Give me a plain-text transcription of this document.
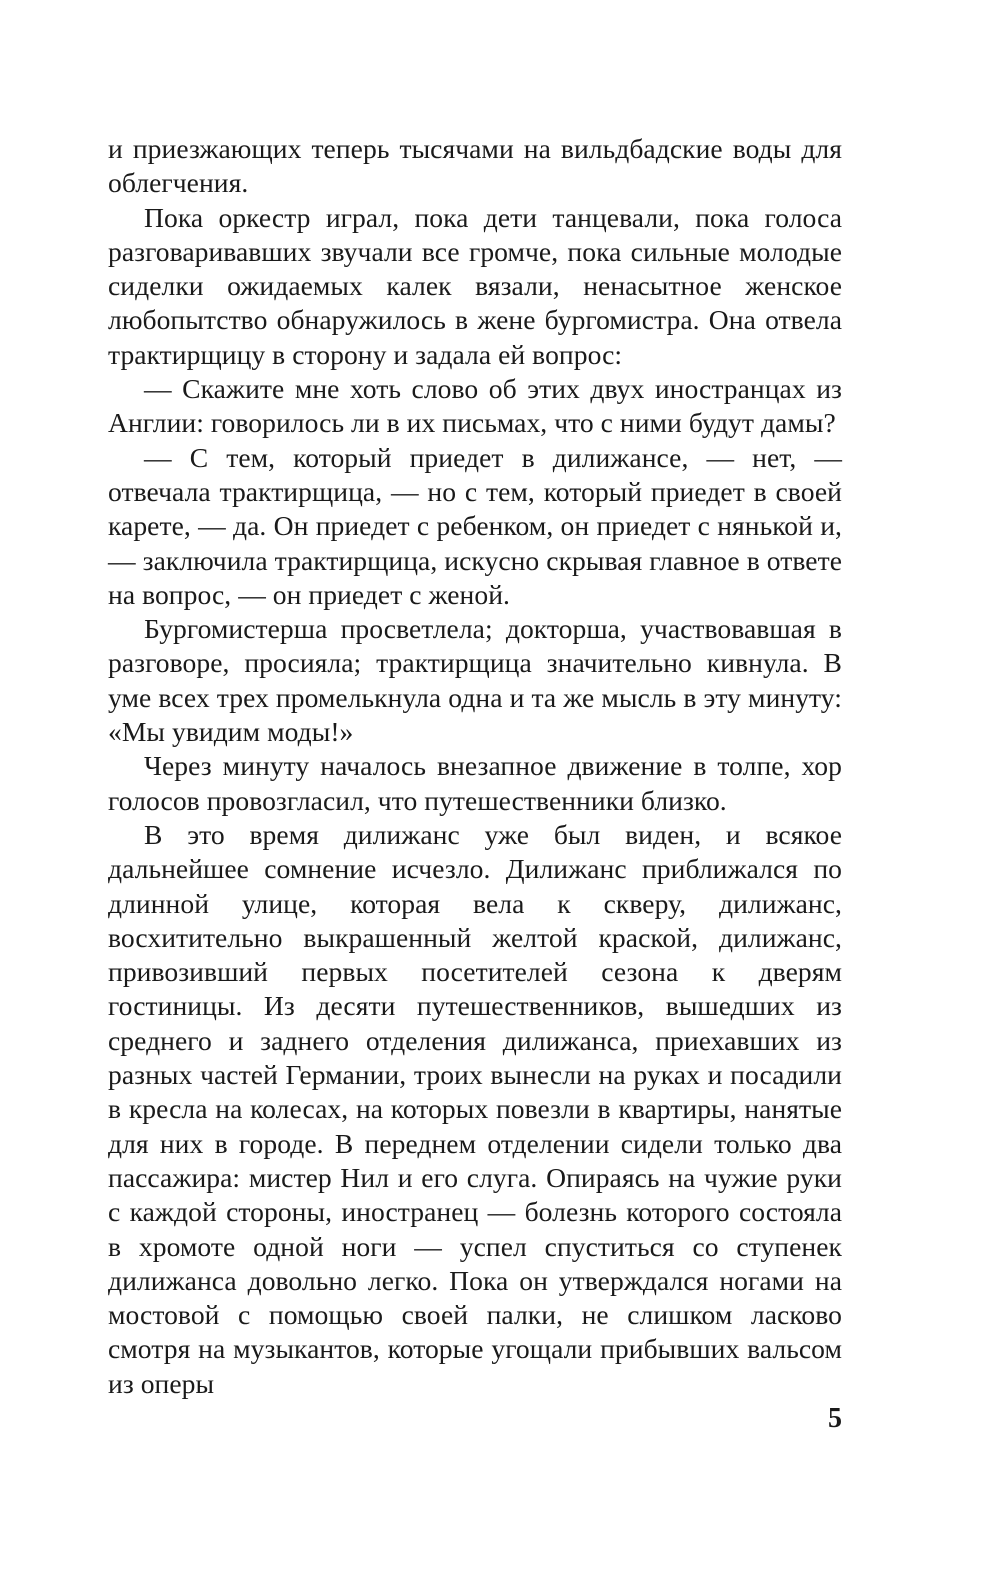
и приезжающих теперь тысячами на вильдбадские воды для облегчения.

Пока оркестр играл, пока дети танцевали, пока голоса разговаривавших звучали все громче, пока сильные молодые сиделки ожидаемых калек вязали, ненасытное женское любопытство обнаружилось в жене бургомистра. Она отвела трактирщицу в сторону и задала ей вопрос:

— Скажите мне хоть слово об этих двух иностранцах из Англии: говорилось ли в их письмах, что с ними будут дамы?

— С тем, который приедет в дилижансе, — нет, — отвечала трактирщица, — но с тем, который приедет в своей карете, — да. Он приедет с ребенком, он приедет с нянькой и, — заключила трактирщица, искусно скрывая главное в ответе на вопрос, — он приедет с женой.

Бургомистерша просветлела; докторша, участвовавшая в разговоре, просияла; трактирщица значительно кивнула. В уме всех трех промелькнула одна и та же мысль в эту минуту: «Мы увидим моды!»

Через минуту началось внезапное движение в толпе, хор голосов провозгласил, что путешественники близко.

В это время дилижанс уже был виден, и всякое дальнейшее сомнение исчезло. Дилижанс приближался по длинной улице, которая вела к скверу, дилижанс, восхитительно выкрашенный желтой краской, дилижанс, привозивший первых посетителей сезона к дверям гостиницы. Из десяти путешественников, вышедших из среднего и заднего отделения дилижанса, приехавших из разных частей Германии, троих вынесли на руках и посадили в кресла на колесах, на которых повезли в квартиры, нанятые для них в городе. В переднем отделении сидели только два пассажира: мистер Нил и его слуга. Опираясь на чужие руки с каждой стороны, иностранец — болезнь которого состояла в хромоте одной ноги — успел спуститься со ступенек дилижанса довольно легко. Пока он утверждался ногами на мостовой с помощью своей палки, не слишком ласково смотря на музыкантов, которые угощали прибывших вальсом из оперы

5
